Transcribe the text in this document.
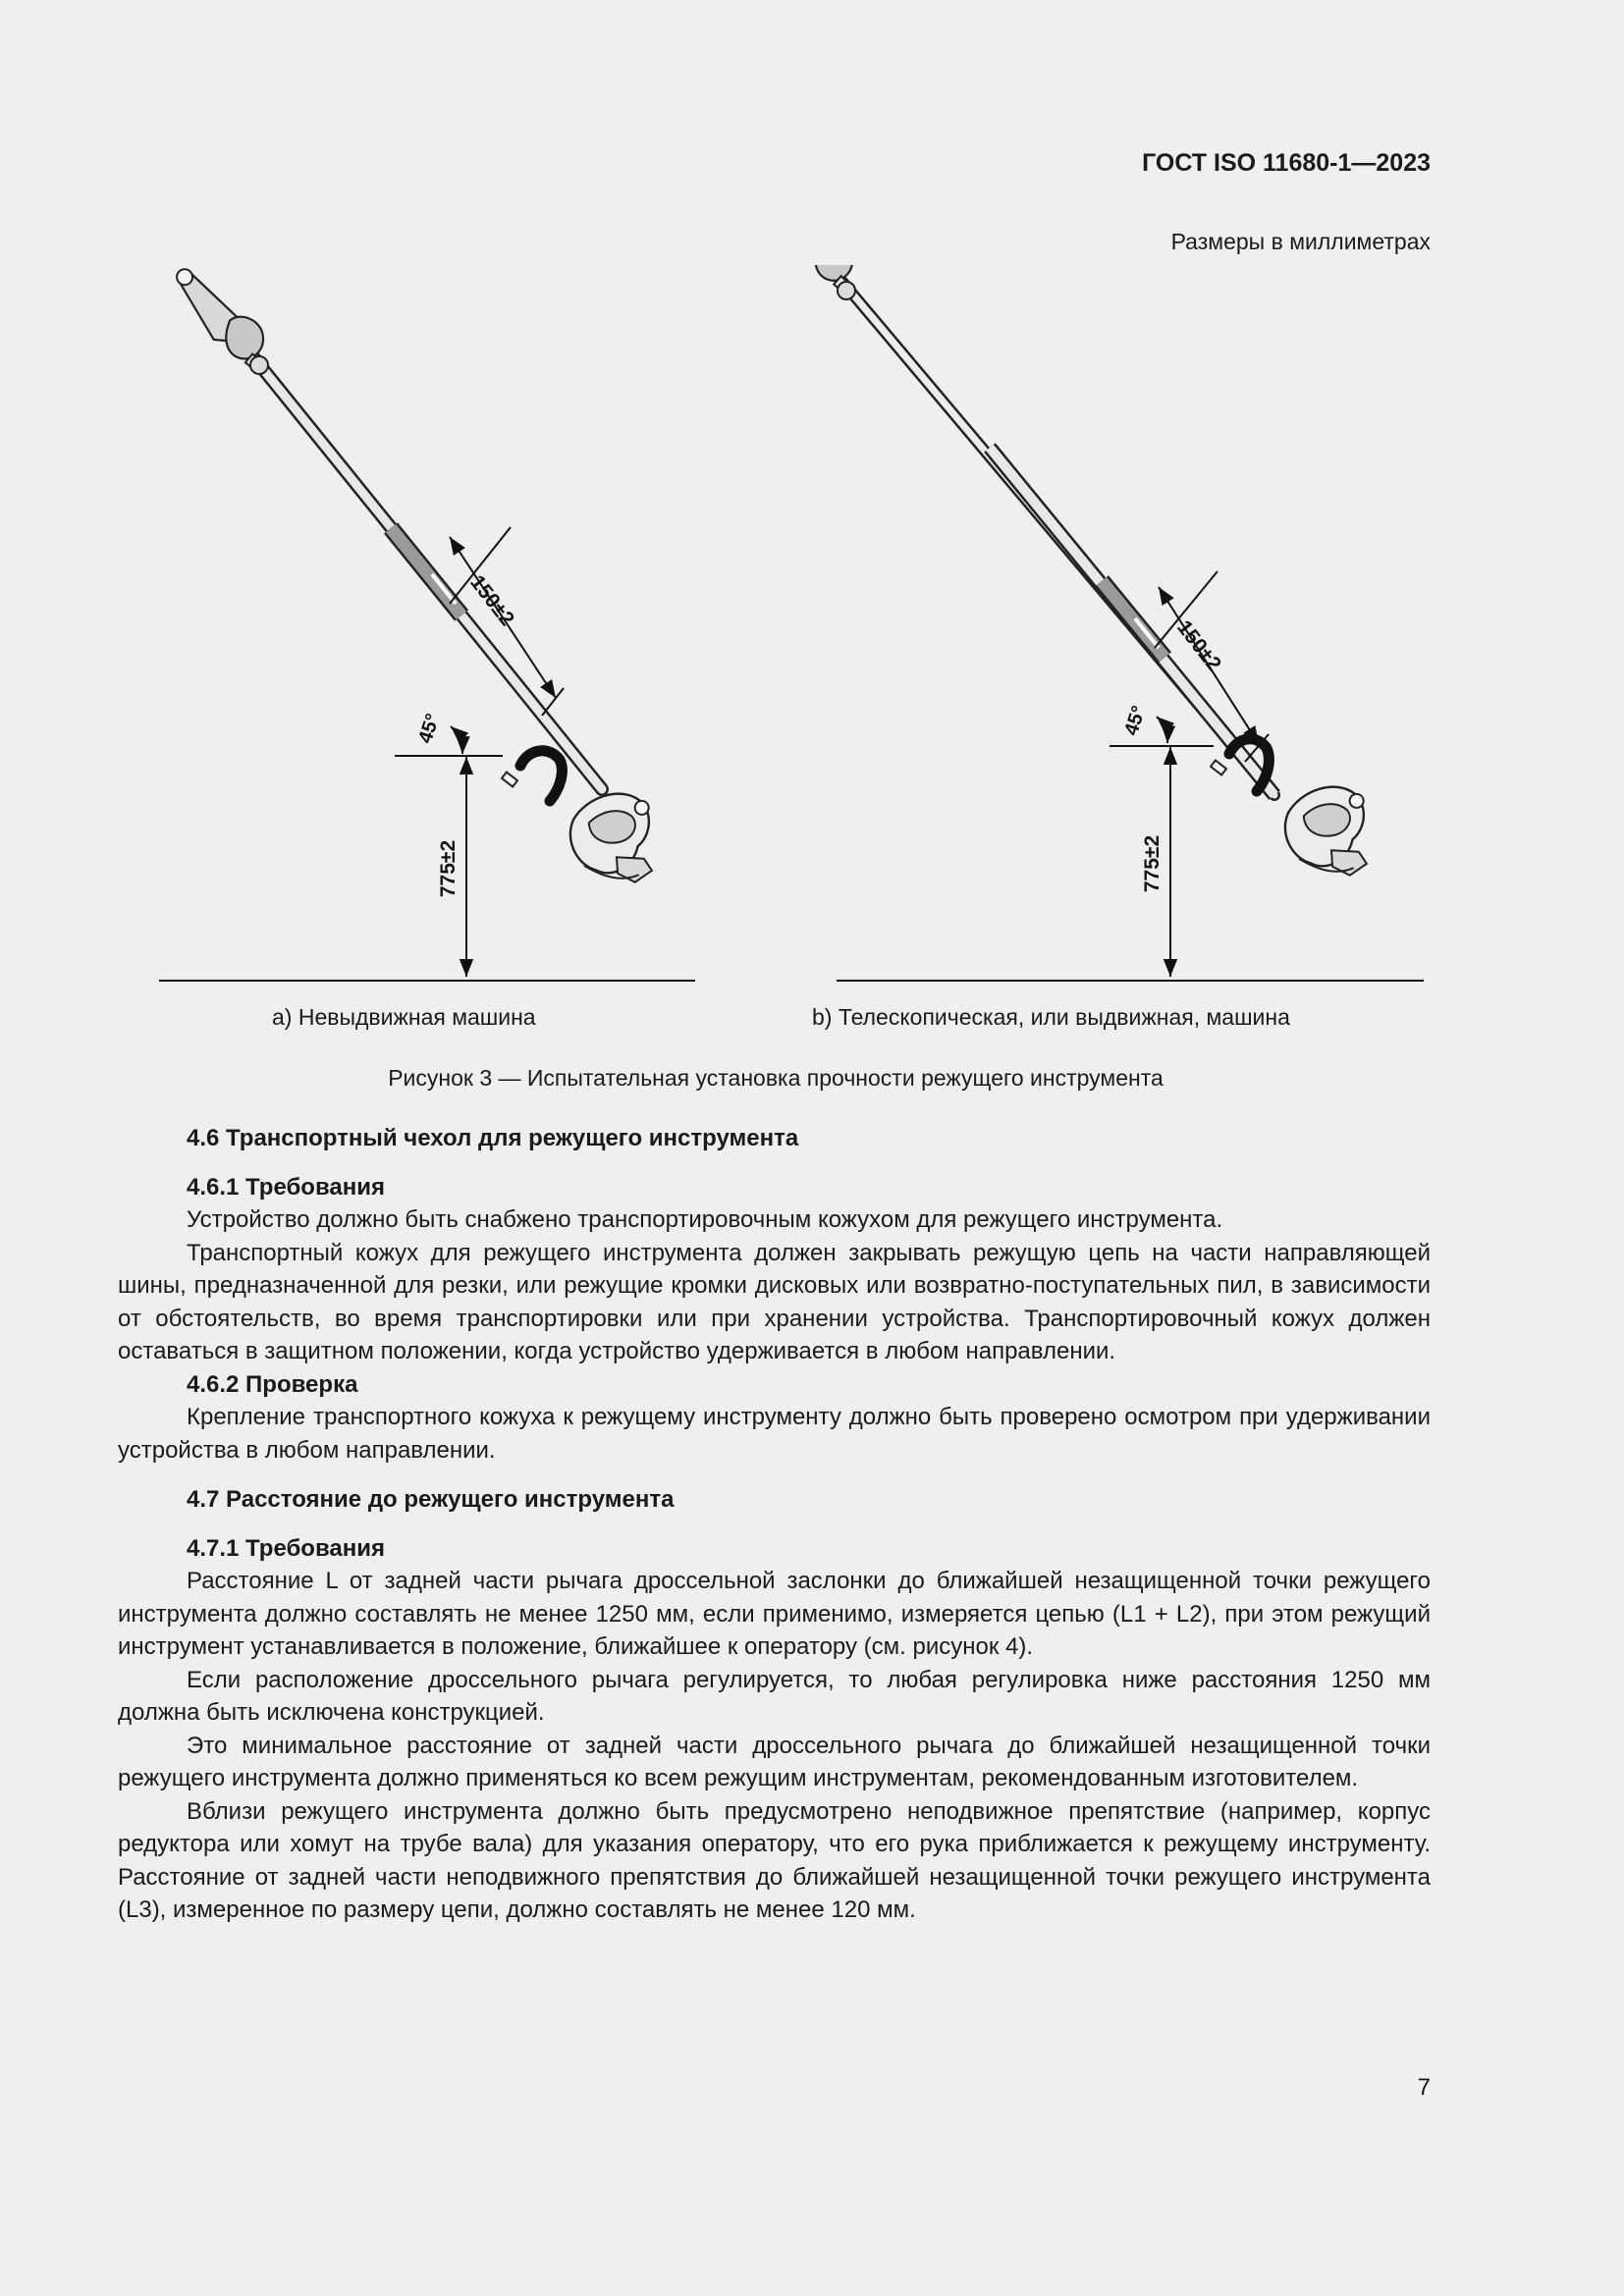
ГОСТ ISO 11680-1—2023

Размеры в миллиметрах

775±2
45°
150±2
775±2
45°
150±2
а) Невыдвижная машина	b) Телескопическая, или выдвижная, машина
Рисунок 3 — Испытательная установка прочности режущего инструмента
4.6 Транспортный чехол для режущего инструмента
4.6.1 Требования

Устройство должно быть снабжено транспортировочным кожухом для режущего инструмента.

Транспортный кожух для режущего инструмента должен закрывать режущую цепь на части направляющей шины, предназначенной для резки, или режущие кромки дисковых или возвратно-поступательных пил, в зависимости от обстоятельств, во время транспортировки или при хранении устройства. Транспортировочный кожух должен оставаться в защитном положении, когда устройство удерживается в любом направлении.

4.6.2 Проверка

Крепление транспортного кожуха к режущему инструменту должно быть проверено осмотром при удерживании устройства в любом направлении.

4.7 Расстояние до режущего инструмента
4.7.1 Требования

Расстояние L от задней части рычага дроссельной заслонки до ближайшей незащищенной точки режущего инструмента должно составлять не менее 1250 мм, если применимо, измеряется цепью (L1 + L2), при этом режущий инструмент устанавливается в положение, ближайшее к оператору (см. рисунок 4).

Если расположение дроссельного рычага регулируется, то любая регулировка ниже расстояния 1250 мм должна быть исключена конструкцией.

Это минимальное расстояние от задней части дроссельного рычага до ближайшей незащищенной точки режущего инструмента должно применяться ко всем режущим инструментам, рекомендованным изготовителем.

Вблизи режущего инструмента должно быть предусмотрено неподвижное препятствие (например, корпус редуктора или хомут на трубе вала) для указания оператору, что его рука приближается к режущему инструменту. Расстояние от задней части неподвижного препятствия до ближайшей незащищенной точки режущего инструмента (L3), измеренное по размеру цепи, должно составлять не менее 120 мм.

7
